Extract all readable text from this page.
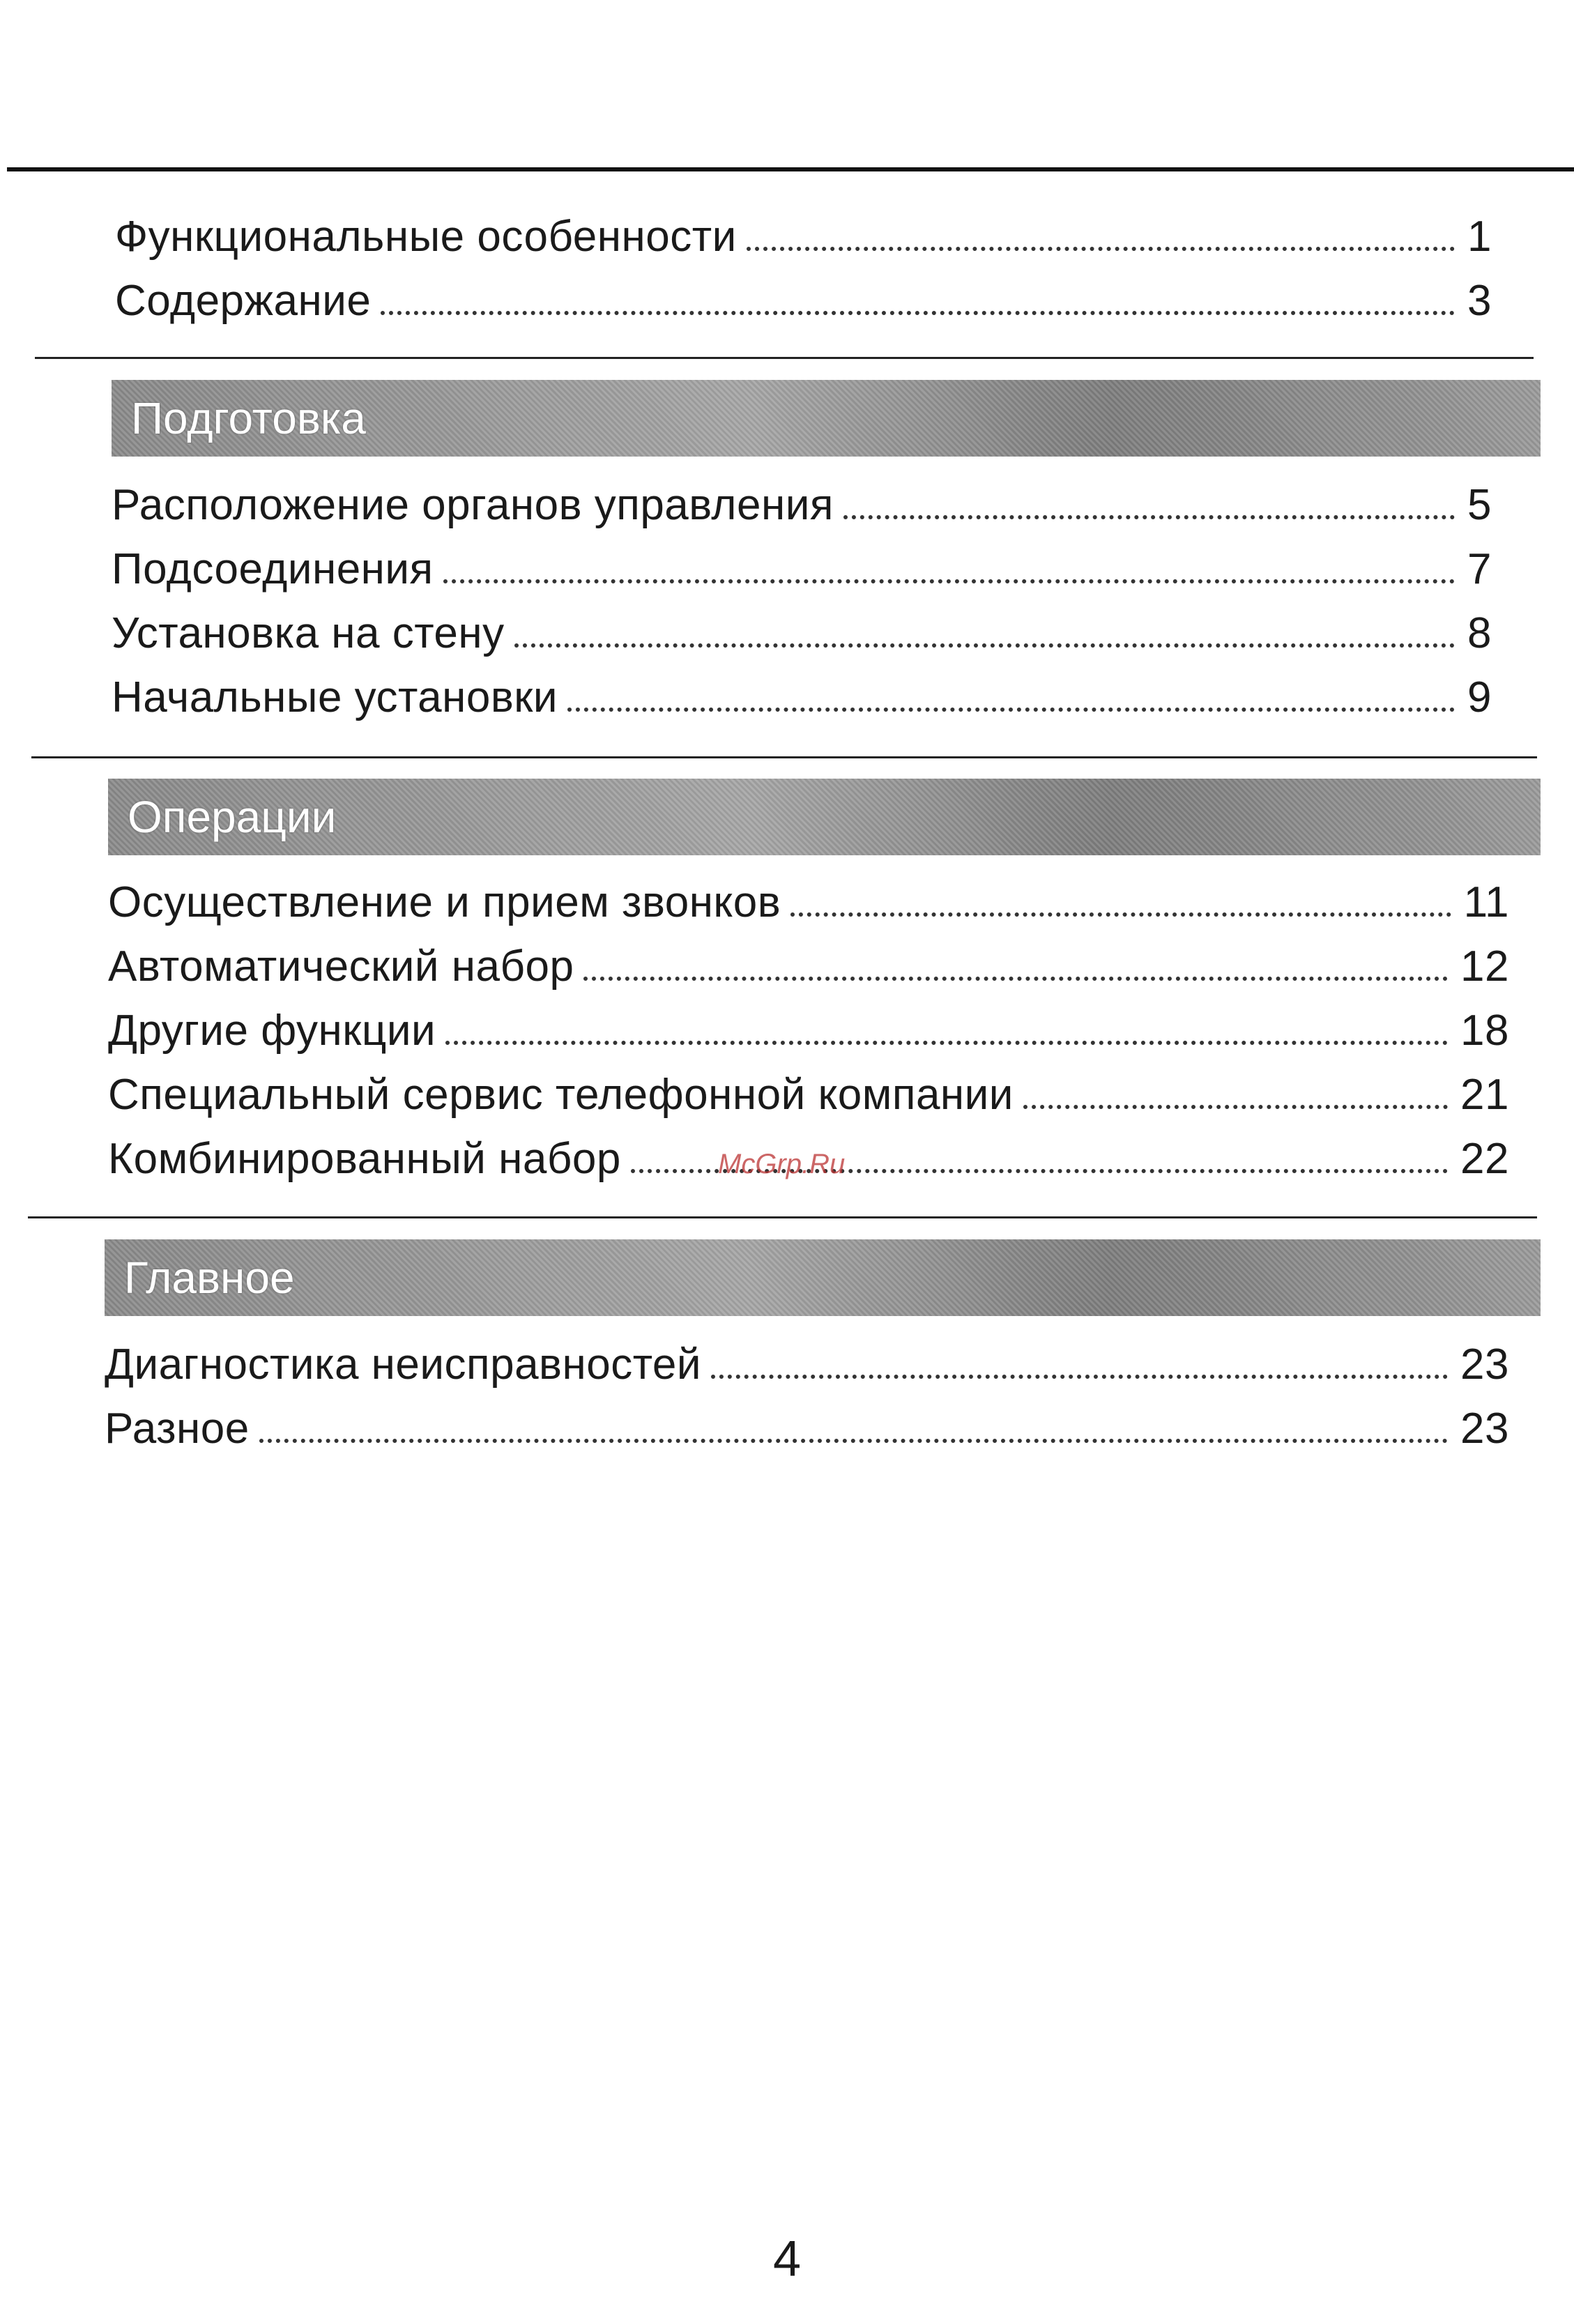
Функциональные особенности	1
Содержание	3
Подготовка
Расположение органов управления	5
Подсоединения	7
Установка на стену	8
Начальные установки	9
Операции
Осуществление и прием звонков	11
Автоматический набор	12
Другие функции	18
Специальный сервис телефонной компании	21
Комбинированный набор	22
McGrp.Ru
Главное
Диагностика неисправностей	23
Разное	23
4
